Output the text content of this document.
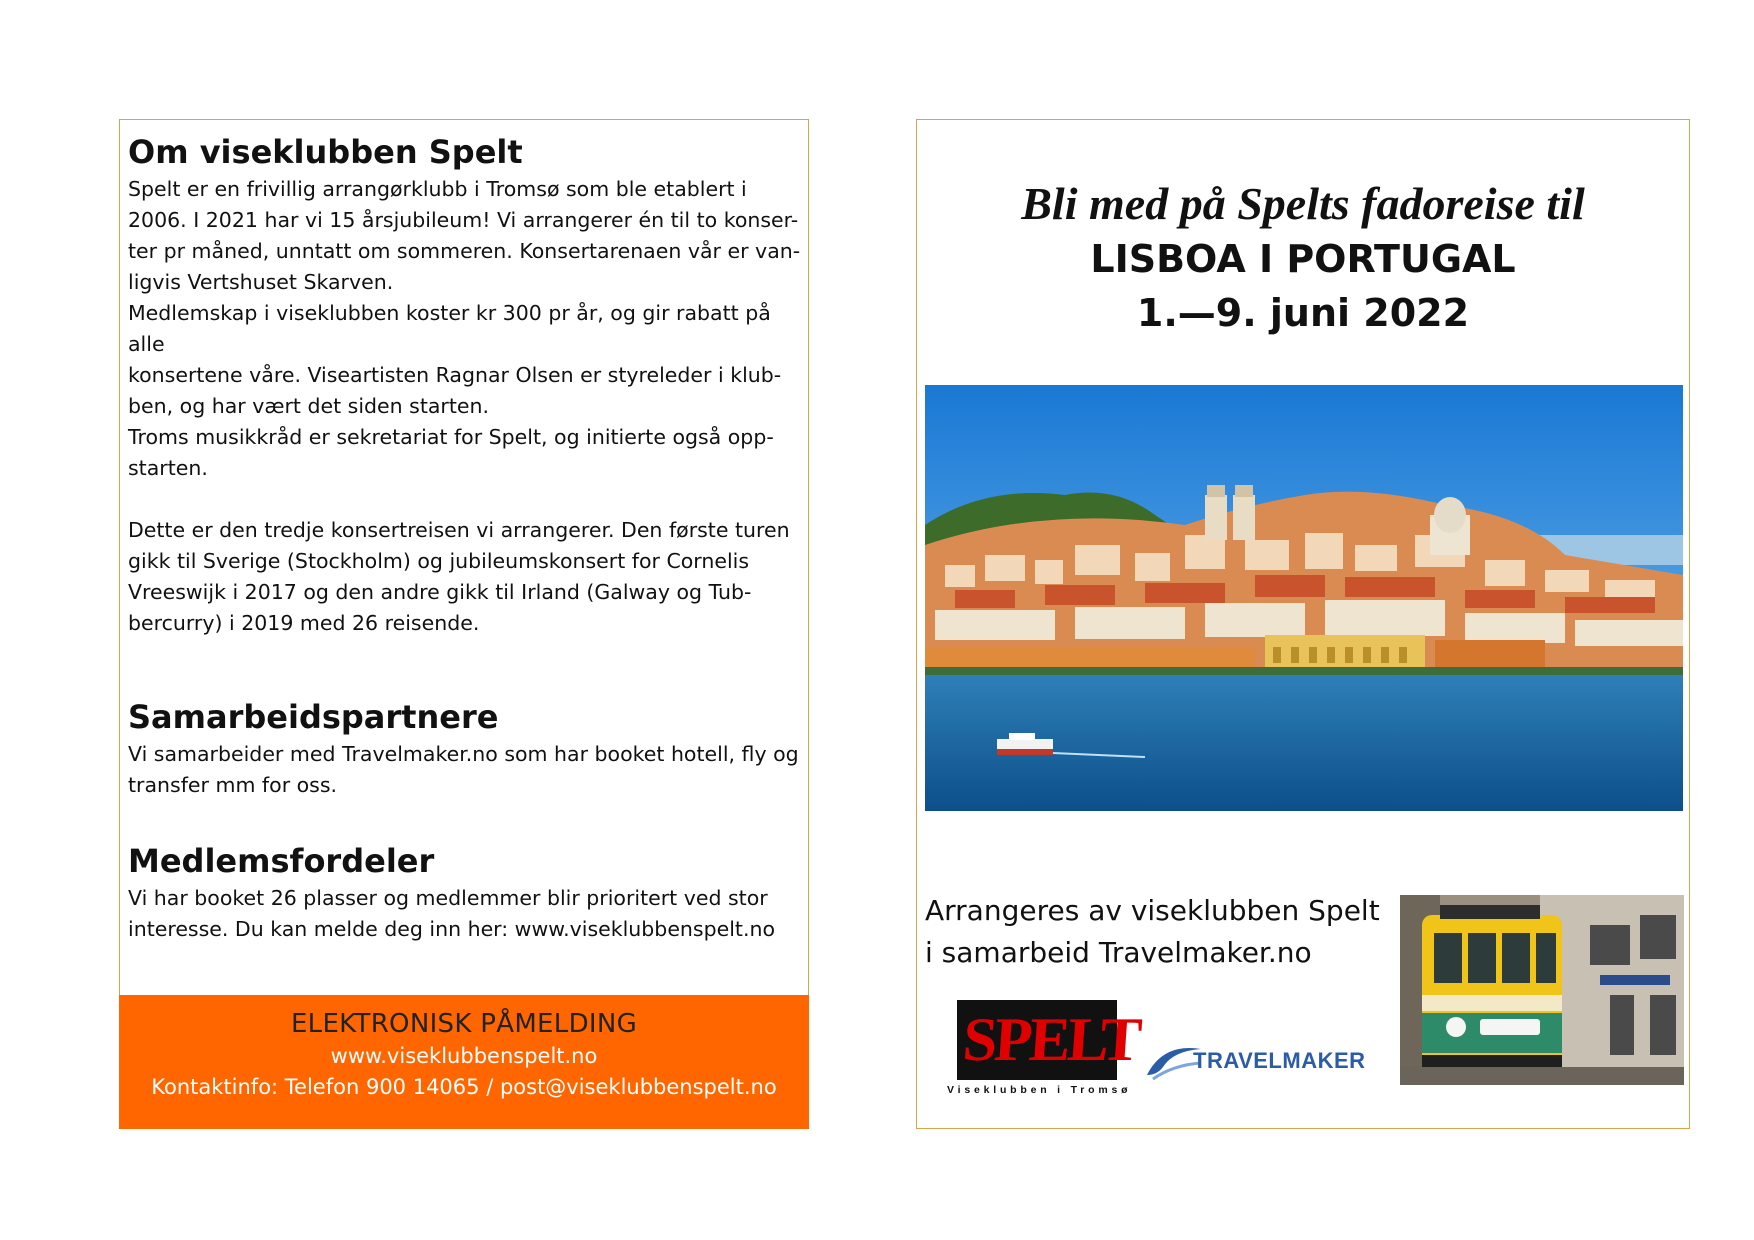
Om viseklubben Spelt

Spelt er en frivillig arrangørklubb i Tromsø som ble etablert i
2006. I 2021 har vi 15 årsjubileum! Vi arrangerer én til to konser-
ter pr måned, unntatt om sommeren. Konsertarenaen vår er van-
ligvis Vertshuset Skarven.

Medlemskap i viseklubben koster kr 300 pr år, og gir rabatt på alle
konsertene våre. Viseartisten Ragnar Olsen er styreleder i klub-
ben, og har vært det siden starten.

Troms musikkråd er sekretariat for Spelt, og initierte også opp-
starten.

Dette er den tredje konsertreisen vi arrangerer. Den første turen
gikk til Sverige (Stockholm) og jubileumskonsert for Cornelis
Vreeswijk i 2017 og den andre gikk til Irland (Galway og Tub-
bercurry) i 2019 med 26 reisende.

Samarbeidspartnere

Vi samarbeider med Travelmaker.no som har booket hotell, fly og
transfer mm for oss.

Medlemsfordeler

Vi har booket 26 plasser og medlemmer blir prioritert ved stor
interesse. Du kan melde deg inn her: www.viseklubbenspelt.no

ELEKTRONISK PÅMELDING
www.viseklubbenspelt.no
Kontaktinfo: Telefon 900 14065 / post@viseklubbenspelt.no
Bli med på Spelts fadoreise til
LISBOA I PORTUGAL
1.—9. juni 2022
Arrangeres av viseklubben Spelt
i samarbeid Travelmaker.no
SPELT
Viseklubben i Tromsø
TRAVELMAKER
